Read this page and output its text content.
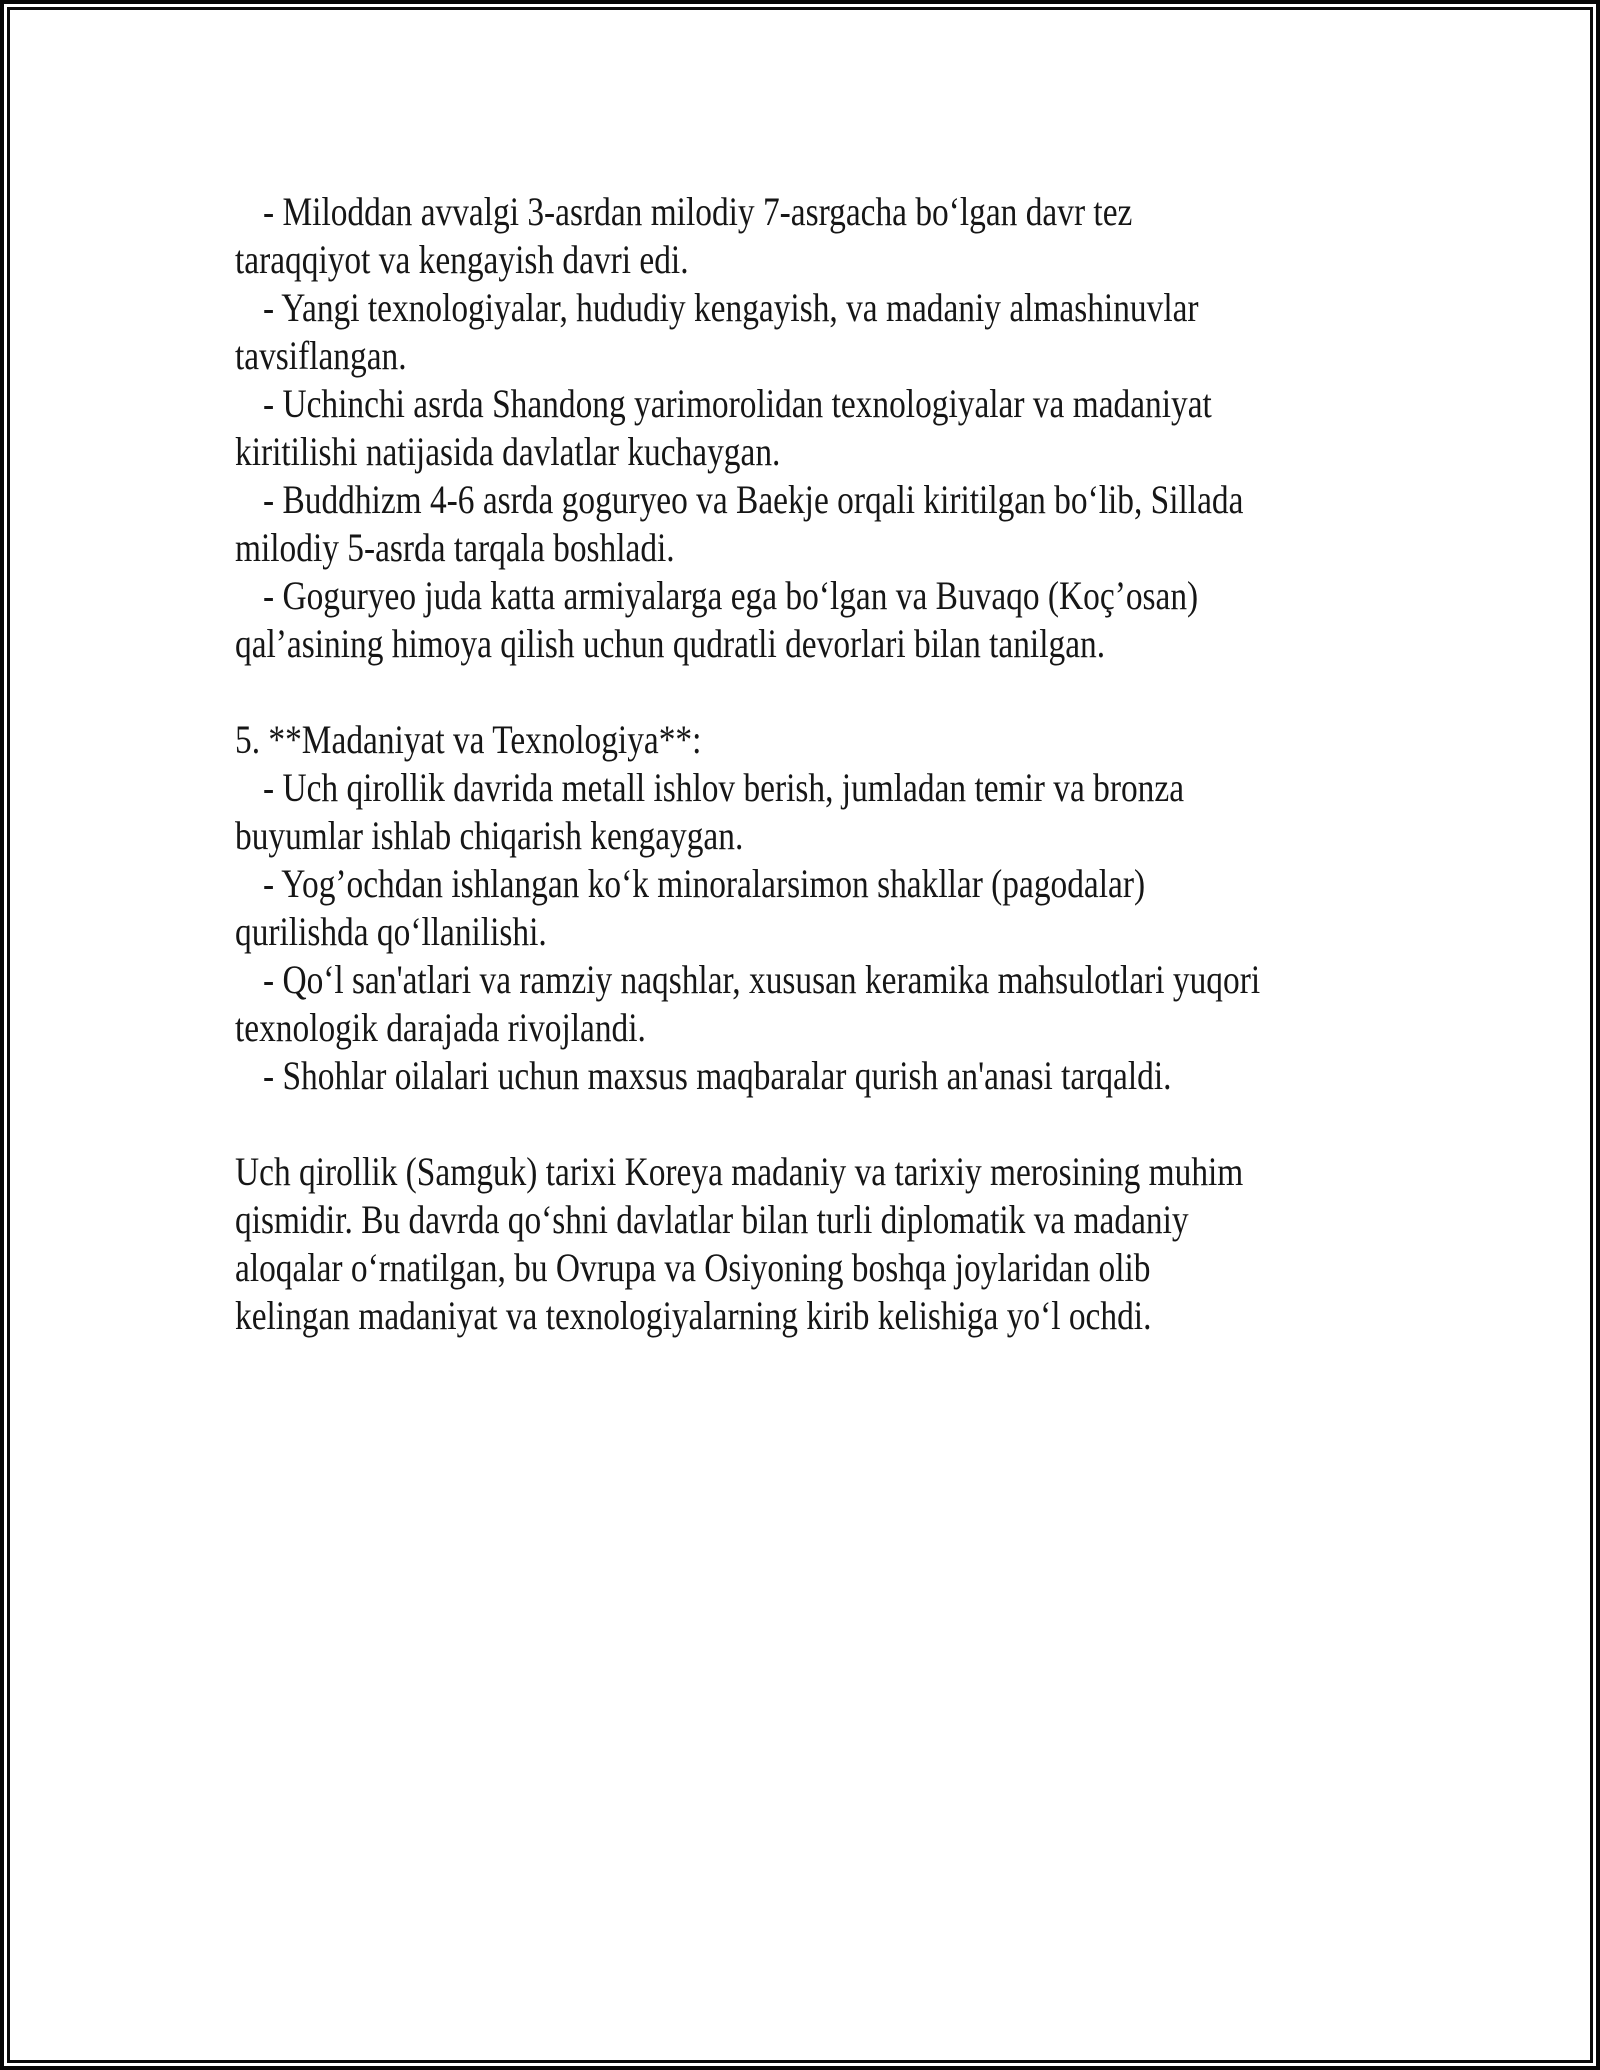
- Miloddan avvalgi 3-asrdan milodiy 7-asrgacha bo‘lgan davr tez
taraqqiyot va kengayish davri edi.
- Yangi texnologiyalar, hududiy kengayish, va madaniy almashinuvlar
tavsiflangan.
- Uchinchi asrda Shandong yarimorolidan texnologiyalar va madaniyat
kiritilishi natijasida davlatlar kuchaygan.
- Buddhizm 4-6 asrda goguryeo va Baekje orqali kiritilgan bo‘lib, Sillada
milodiy 5-asrda tarqala boshladi.
- Goguryeo juda katta armiyalarga ega bo‘lgan va Buvaqo (Koç’osan)
qal’asining himoya qilish uchun qudratli devorlari bilan tanilgan.
5. **Madaniyat va Texnologiya**:
- Uch qirollik davrida metall ishlov berish, jumladan temir va bronza
buyumlar ishlab chiqarish kengaygan.
- Yog’ochdan ishlangan ko‘k minoralarsimon shakllar (pagodalar)
qurilishda qo‘llanilishi.
- Qo‘l san'atlari va ramziy naqshlar, xususan keramika mahsulotlari yuqori
texnologik darajada rivojlandi.
- Shohlar oilalari uchun maxsus maqbaralar qurish an'anasi tarqaldi.
Uch qirollik (Samguk) tarixi Koreya madaniy va tarixiy merosining muhim
qismidir. Bu davrda qo‘shni davlatlar bilan turli diplomatik va madaniy
aloqalar o‘rnatilgan, bu Ovrupa va Osiyoning boshqa joylaridan olib
kelingan madaniyat va texnologiyalarning kirib kelishiga yo‘l ochdi.
